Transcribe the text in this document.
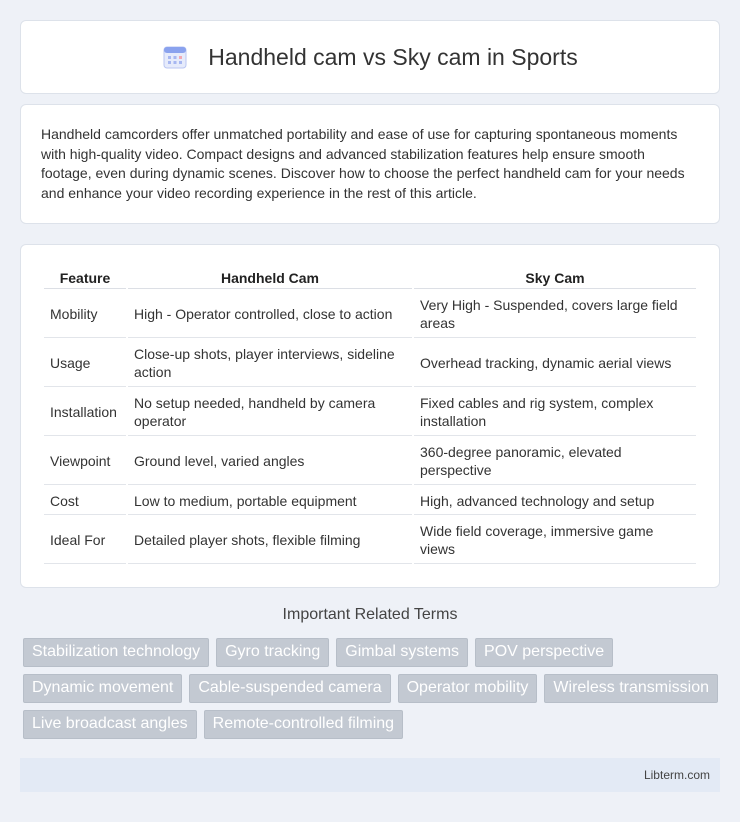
Handheld cam vs Sky cam in Sports

Handheld camcorders offer unmatched portability and ease of use for capturing spontaneous moments with high-quality video. Compact designs and advanced stabilization features help ensure smooth footage, even during dynamic scenes. Discover how to choose the perfect handheld cam for your needs and enhance your video recording experience in the rest of this article.

Feature	Handheld Cam	Sky Cam
Mobility	High - Operator controlled, close to action	Very High - Suspended, covers large field areas
Usage	Close-up shots, player interviews, sideline action	Overhead tracking, dynamic aerial views
Installation	No setup needed, handheld by camera operator	Fixed cables and rig system, complex installation
Viewpoint	Ground level, varied angles	360-degree panoramic, elevated perspective
Cost	Low to medium, portable equipment	High, advanced technology and setup
Ideal For	Detailed player shots, flexible filming	Wide field coverage, immersive game views
Important Related Terms
Stabilization technology	Gyro tracking	Gimbal systems	POV perspective
Dynamic movement	Cable-suspended camera	Operator mobility	Wireless transmission
Live broadcast angles	Remote-controlled filming
Libterm.com
